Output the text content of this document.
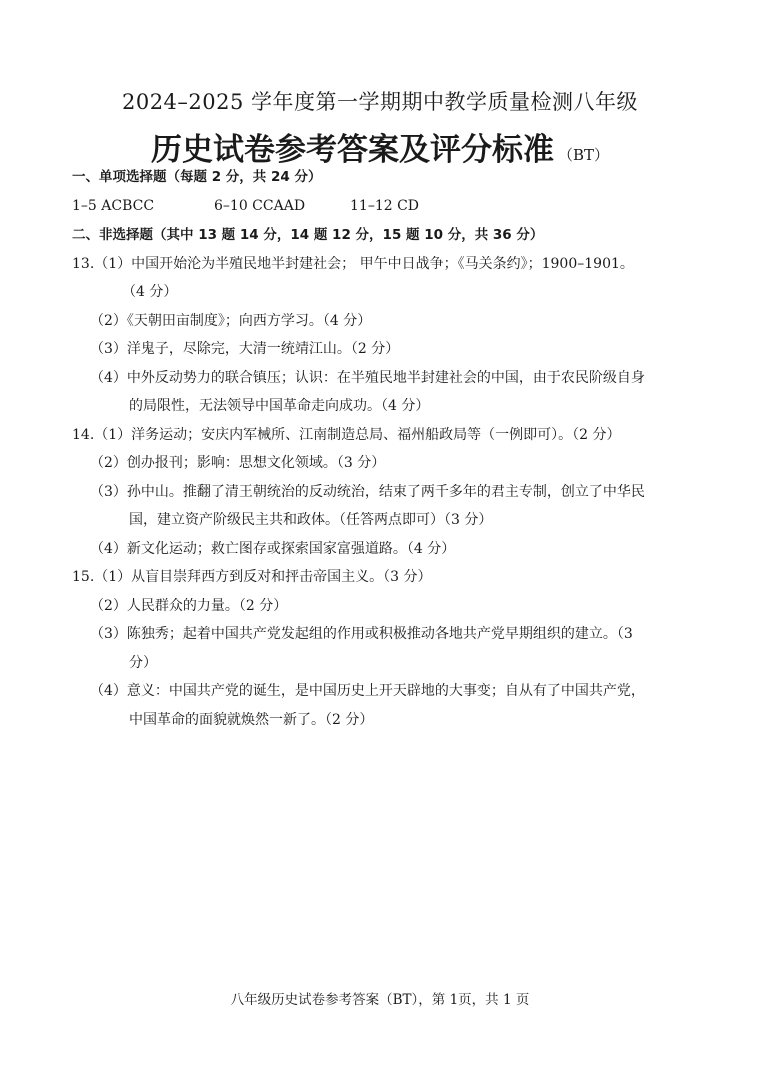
2024–2025 学年度第一学期期中教学质量检测八年级
历史试卷参考答案及评分标准 （BT）
一、单项选择题（每题 2 分，共 24 分）
1–5 ACBCC	6–10 CCAAD	11–12 CD
二、非选择题（其中 13 题 14 分，14 题 12 分，15 题 10 分，共 36 分）
13.（1）中国开始沦为半殖民地半封建社会； 甲午中日战争；《马关条约》；1900–1901。
（4 分）
（2）《天朝田亩制度》；向西方学习。（4 分）
（3）洋鬼子，尽除完，大清一统靖江山。（2 分）
（4）中外反动势力的联合镇压；认识：在半殖民地半封建社会的中国，由于农民阶级自身
的局限性，无法领导中国革命走向成功。（4 分）
14.（1）洋务运动；安庆内军械所、江南制造总局、福州船政局等（一例即可）。（2 分）
（2）创办报刊；影响：思想文化领域。（3 分）
（3）孙中山。推翻了清王朝统治的反动统治，结束了两千多年的君主专制，创立了中华民
国，建立资产阶级民主共和政体。（任答两点即可）（3 分）
（4）新文化运动；救亡图存或探索国家富强道路。（4 分）
15.（1）从盲目崇拜西方到反对和抨击帝国主义。（3 分）
（2）人民群众的力量。（2 分）
（3）陈独秀；起着中国共产党发起组的作用或积极推动各地共产党早期组织的建立。（3
分）
（4）意义：中国共产党的诞生，是中国历史上开天辟地的大事变；自从有了中国共产党，
中国革命的面貌就焕然一新了。（2 分）
八年级历史试卷参考答案（BT），第 1页，共 1 页
